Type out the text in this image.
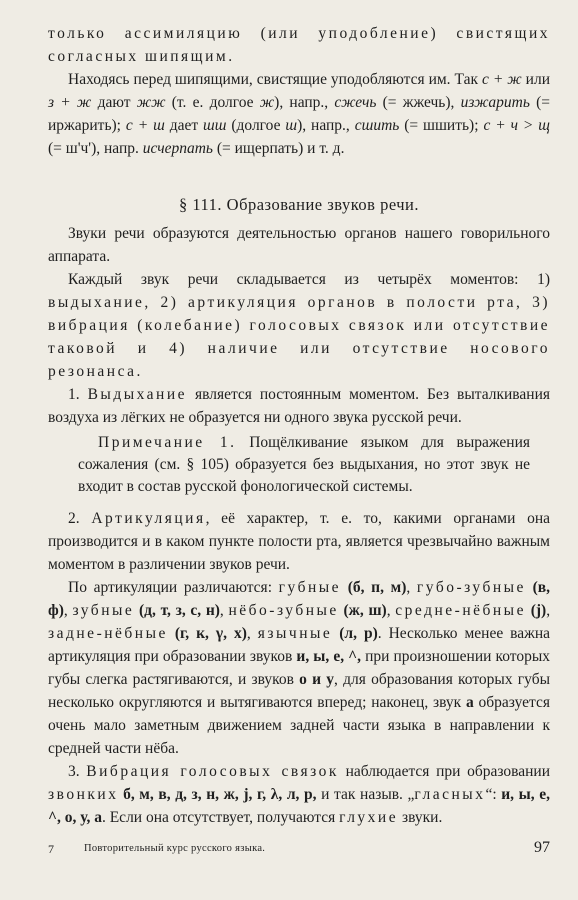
только ассимиляцию (или уподобление) свистящих согласных шипящим.

Находясь перед шипящими, свистящие уподобляются им. Так с + ж или з + ж дают жж (т. е. долгое ж), напр., сжечь (= жжечь), изжарить (= иржарить); с + ш дает шш (долгое ш), напр., сшить (= шшить); с + ч > щ (= ш'ч'), напр. исчерпать (= ищерпать) и т. д.

§ 111. Образование звуков речи.

Звуки речи образуются деятельностью органов нашего говорильного аппарата.

Каждый звук речи складывается из четырёх моментов: 1) выдыхание, 2) артикуляция органов в полости рта, 3) вибрация (колебание) голосовых связок или отсутствие таковой и 4) наличие или отсутствие носового резонанса.

1. Выдыхание является постоянным моментом. Без выталкивания воздуха из лёгких не образуется ни одного звука русской речи.

Примечание 1. Пощёлкивание языком для выражения сожаления (см. § 105) образуется без выдыхания, но этот звук не входит в состав русской фонологической системы.

2. Артикуляция, её характер, т. е. то, какими органами она производится и в каком пункте полости рта, является чрезвычайно важным моментом в различении звуков речи.

По артикуляции различаются: губные (б, п, м), губо-зубные (в, ф), зубные (д, т, з, с, н), нёбо-зубные (ж, ш), средне-нёбные (j), задне-нёбные (г, к, γ, х), язычные (л, р). Несколько менее важна артикуляция при образовании звуков и, ы, е, ^, при произношении которых губы слегка растягиваются, и звуков о и у, для образования которых губы несколько округляются и вытягиваются вперед; наконец, звук а образуется очень мало заметным движением задней части языка в направлении к средней части нёба.

3. Вибрация голосовых связок наблюдается при образовании звонких б, м, в, д, з, н, ж, j, г, λ, л, р, и так назыв. „гласных“: и, ы, е, ^, о, у, а. Если она отсутствует, получаются глухие звуки.

7	Повторительный курс русского языка.	97
